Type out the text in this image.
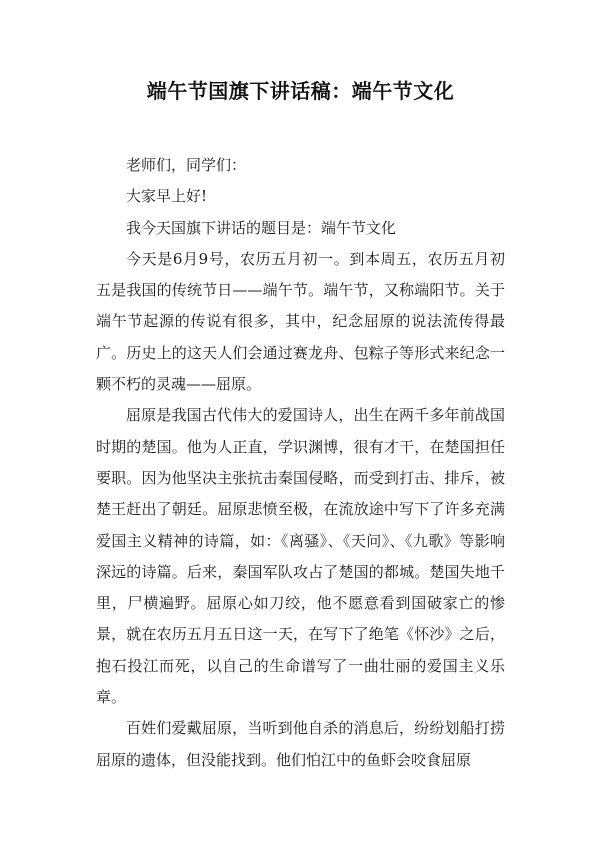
端午节国旗下讲话稿：端午节文化

老师们，同学们：

大家早上好!

我今天国旗下讲话的题目是：端午节文化

今天是6月9号，农历五月初一。到本周五，农历五月初五是我国的传统节日——端午节。端午节，又称端阳节。关于端午节起源的传说有很多，其中，纪念屈原的说法流传得最广。历史上的这天人们会通过赛龙舟、包粽子等形式来纪念一颗不朽的灵魂——屈原。

屈原是我国古代伟大的爱国诗人，出生在两千多年前战国时期的楚国。他为人正直，学识渊博，很有才干，在楚国担任要职。因为他坚决主张抗击秦国侵略，而受到打击、排斥，被楚王赶出了朝廷。屈原悲愤至极，在流放途中写下了许多充满爱国主义精神的诗篇，如：《离骚》、《天问》、《九歌》等影响深远的诗篇。后来，秦国军队攻占了楚国的都城。楚国失地千里，尸横遍野。屈原心如刀绞，他不愿意看到国破家亡的惨景，就在农历五月五日这一天，在写下了绝笔《怀沙》之后，抱石投江而死，以自己的生命谱写了一曲壮丽的爱国主义乐章。

百姓们爱戴屈原，当听到他自杀的消息后，纷纷划船打捞屈原的遗体，但没能找到。他们怕江中的鱼虾会咬食屈原
